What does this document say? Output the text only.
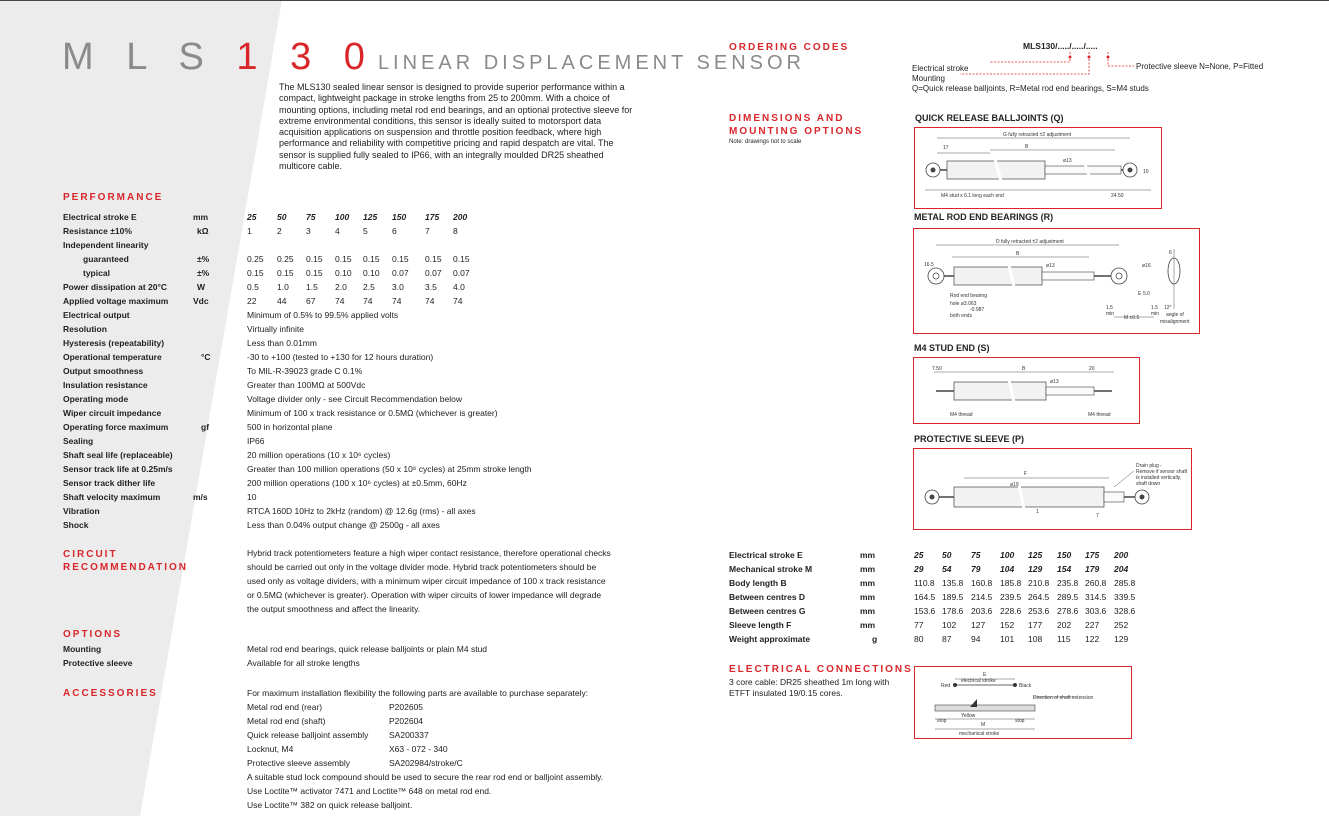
M L S 1 3 0 LINEAR DISPLACEMENT SENSOR
The MLS130 sealed linear sensor is designed to provide superior performance within a compact, lightweight package in stroke lengths from 25 to 200mm. With a choice of mounting options, including metal rod end bearings, and an optional protective sleeve for extreme environmental conditions, this sensor is ideally suited to motorsport data acquisition applications on suspension and throttle position feedback, where high performance and reliability with competitive pricing and rapid despatch are vital. The sensor is supplied fully sealed to IP66, with an integrally moulded DR25 sheathed multicore cable.
PERFORMANCE
Electrical stroke E	mm	25 50 75 100 125 150 175 200
Resistance ±10%	kΩ	1	2	3	4	5	6	7	8
Independent linearity
guaranteed	±%	0.25 0.25 0.15 0.15 0.15 0.15 0.15 0.15
typical	±%	0.15 0.15 0.15 0.10 0.10 0.07 0.07 0.07
Power dissipation at 20°C	W	0.5 1.0 1.5 2.0 2.5 3.0 3.5 4.0
Applied voltage maximum	Vdc	22 44 67 74 74 74	74 74
Electrical output	Minimum of 0.5% to 99.5% applied volts
Resolution	Virtually infinite
Hysteresis (repeatability)	Less than 0.01mm
Operational temperature	°C	-30 to +100 (tested to +130 for 12 hours duration)
Output smoothness	To MIL-R-39023 grade C 0.1%
Insulation resistance	Greater than 100MΩ at 500Vdc
Operating mode	Voltage divider only - see Circuit Recommendation below
Wiper circuit impedance	Minimum of 100 x track resistance or 0.5MΩ (whichever is greater)
Operating force maximum	gf	500 in horizontal plane
Sealing	IP66
Shaft seal life (replaceable)	20 million operations (10 x 10⁶ cycles)
Sensor track life at 0.25m/s	Greater than 100 million operations (50 x 10⁶ cycles) at 25mm stroke length
Sensor track dither life	200 million operations (100 x 10⁶ cycles) at ±0.5mm, 60Hz
Shaft velocity maximum	m/s	10
Vibration	RTCA 160D 10Hz to 2kHz (random) @ 12.6g (rms) - all axes
Shock	Less than 0.04% output change @ 2500g - all axes
CIRCUIT
RECOMMENDATION
Hybrid track potentiometers feature a high wiper contact resistance, therefore operational checks
should be carried out only in the voltage divider mode. Hybrid track potentiometers should be
used only as voltage dividers, with a minimum wiper circuit impedance of 100 x track resistance
or 0.5MΩ (whichever is greater). Operation with wiper circuits of lower impedance will degrade
the output smoothness and affect the linearity.
OPTIONS
Mounting	Metal rod end bearings, quick release balljoints or plain M4 stud
Protective sleeve	Available for all stroke lengths
ACCESSORIES	For maximum installation flexibility the following parts are available to purchase separately:
Metal rod end (rear)	P202605
Metal rod end (shaft)	P202604
Quick release balljoint assembly SA200337
Locknut, M4	X63 - 072 - 340
Protective sleeve assembly	SA202984/stroke/C
A suitable stud lock compound should be used to secure the rear rod end or balljoint assembly.
Use Loctite™ activator 7471 and Loctite™ 648 on metal rod end.
Use Loctite™ 382 on quick release balljoint.
ORDERING CODES	MLS130/...../...../.....
Electrical stroke
Mounting
Q=Quick release balljoints, R=Metal rod end bearings, S=M4 studs
Protective sleeve N=None, P=Fitted
DIMENSIONS AND
MOUNTING OPTIONS
Note: drawings not to scale
QUICK RELEASE BALLJOINTS (Q)
G fully retracted ±2 adjustment
17	B
ø13
10
M4 stud x 6.1 long each end	24.50
METAL ROD END BEARINGS (R)
D fully retracted ±2 adjustment
16.5
B
ø13	ø16
E 5.0
6
Rod end bearing
hole ø3.063
-0.987
both ends
1.5
min
M ±0.5
1.5
min
12°
angle of
misalignment
M4 STUD END (S)
7.50	B	20
ø13
M4 thread	M4 thread
PROTECTIVE SLEEVE (P)
Drain plug -
Remove if sensor shaft
is installed vertically,
shaft down
F
ø19
1
7
Electrical stroke E	mm	25 50 75 100 125 150 175 200
Mechanical stroke M	mm	29 54 79 104 129 154 179 204
Body length B	mm	110.8 135.8 160.8 185.8 210.8 235.8 260.8 285.8
Between centres D	mm	164.5 189.5 214.5 239.5 264.5 289.5 314.5 339.5
Between centres G	mm	153.6 178.6 203.6 228.6 253.6 278.6 303.6 328.6
Sleeve length F	mm	77 102 127 152 177 202 227 252
Weight approximate	g	80 87 94 101 108 115 122 129
ELECTRICAL CONNECTIONS
3 core cable: DR25 sheathed 1m long with
ETFT insulated 19/0.15 cores.
E
electrical stroke
Red	Black
Direction of shaft extension
Yellow
stop	stop
M
mechanical stroke
